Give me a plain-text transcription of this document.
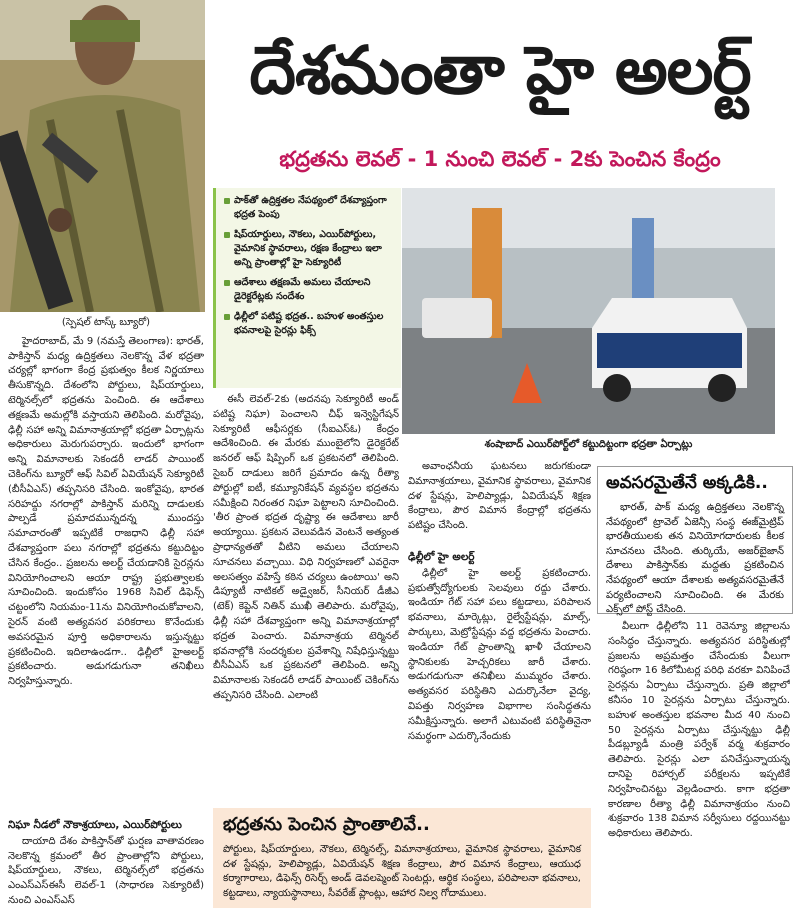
దేశమంతా హై అలర్ట్
భద్రతను లెవల్ - 1 నుంచి లెవల్ - 2కు పెంచిన కేంద్రం
పాక్‌తో ఉద్రిక్తతల నేపథ్యంలో దేశవ్యాప్తంగా భద్రత పెంపు
షిప్‌యార్డులు, నౌకలు, ఎయిర్‌పోర్టులు, వైమానిక స్థావరాలు, రక్షణ కేంద్రాలు ఇలా అన్ని ప్రాంతాల్లో హై సెక్యూరిటీ
ఆదేశాలు తక్షణమే అమలు చేయాలని డైరెక్టరేట్లకు సందేశం
ఢిల్లీలో పటిష్ట భద్రత.. బహుళ అంతస్తుల భవనాలపై సైరన్లు ఫిక్స్
శంషాబాద్ ఎయిర్‌పోర్ట్‌లో కట్టుదిట్టంగా భద్రతా ఏర్పాట్లు
(స్పెషల్ టాస్క్ బ్యూరో)

హైదరాబాద్, మే 9 (నమస్తే తెలంగాణ): భారత్, పాకిస్తాన్ మధ్య ఉద్రిక్తతలు నెలకొన్న వేళ భద్రతా చర్యల్లో భాగంగా కేంద్ర ప్రభుత్వం కీలక నిర్ణయాలు తీసుకొన్నది. దేశంలోని పోర్టులు, షిప్‌యార్డులు, టెర్మినల్స్‌లో భద్రతను పెంచింది. ఈ ఆదేశాలు తక్షణమే అమల్లోకి వస్తాయని తెలిపింది. మరోవైపు, ఢిల్లీ సహా అన్ని విమానాశ్రయాల్లో భద్రతా ఏర్పాట్లను అధికారులు మెరుగుపర్చారు. ఇందులో భాగంగా అన్ని విమానాలకు సెకండరీ లాడర్ పాయింట్ చెకింగ్‌ను బ్యూరో ఆఫ్ సివిల్ ఏవియేషన్ సెక్యూరిటీ (బీసీఏఎస్) తప్పనిసరి చేసింది. ఇంకోవైపు, భారత సరిహద్దు నగరాల్లో పాకిస్తాన్ మరిన్ని దాడులకు పాల్పడే ప్రమాదమున్నదన్న ముందస్తు సమాచారంతో ఇప్పటికే రాజధాని ఢిల్లీ సహా దేశవ్యాప్తంగా పలు నగరాల్లో భద్రతను కట్టుదిట్టం చేసిన కేంద్రం.. ప్రజలను అలర్ట్ చేయడానికి సైరన్లను వినియోగించాలని ఆయా రాష్ట్ర ప్రభుత్వాలకు సూచించింది. ఇందుకోసం 1968 సివిల్ డిఫెన్స్ చట్టంలోని నియమం-11ను వినియోగించుకోవాలని, సైరన్ వంటి అత్యవసర పరికరాలు కొనేందుకు అవసరమైన పూర్తి అధికారాలను ఇస్తున్నట్టు ప్రకటించింది. ఇదిలాఉండగా.. ఢిల్లీలో హైఅలర్ట్ ప్రకటించారు. అడుగడుగునా తనిఖీలు నిర్వహిస్తున్నారు.

నిఘా నీడలో నౌకాశ్రయాలు, ఎయిర్‌పోర్టులు

దాయాది దేశం పాకిస్తాన్‌తో ఘర్షణ వాతావరణం నెలకొన్న క్రమంలో తీర ప్రాంతాల్లోని పోర్టులు, షిప్‌యార్డులు, నౌకలు, టెర్మినల్స్‌లో భద్రతను ఎంఎస్ఎస్ఈసీ లెవల్-1 (సాధారణ సెక్యూరిటీ) నుంచి ఎంఎస్ఎస్

ఈసీ లెవల్-2కు (అదనపు సెక్యూరిటీ అండ్ పటిష్ట నిఘా) పెంచాలని చీఫ్ ఇన్వెస్టిగేషన్ సెక్యూరిటీ ఆఫీసర్లకు (సీఐఎస్ఓ) కేంద్రం ఆదేశించింది. ఈ మేరకు ముంబైలోని డైరెక్టరేట్ జనరల్ ఆఫ్ షిప్పింగ్ ఒక ప్రకటనలో తెలిపింది. సైబర్ దాడులు జరిగే ప్రమాదం ఉన్న రీత్యా పోర్టుల్లో ఐటీ, కమ్యూనికేషన్ వ్యవస్థల భద్రతను సమీక్షించి నిరంతర నిఘా పెట్టాలని సూచించింది. 'తీర ప్రాంత భద్రత దృష్ట్యా ఈ ఆదేశాలు జారీ అయ్యాయి. ప్రకటన వెలువడిన వెంటనే అత్యంత ప్రాధాన్యతతో వీటిని అమలు చేయాలని సూచనలు వచ్చాయి. విధి నిర్వహణలో ఎవరైనా అలసత్వం వహిస్తే కఠిన చర్యలు ఉంటాయి' అని డిప్యూటీ నాటికల్ అడ్వైజర్, సీనియర్ డీజీఎ (టెక్) కెప్టెన్ నితిన్ ముఖీ తెలిపారు. మరోవైపు, ఢిల్లీ సహా దేశవ్యాప్తంగా అన్ని విమానాశ్రయాల్లో భద్రత పెంచారు. విమానాశ్రయ టెర్మినల్ భవనాల్లోకి సందర్శకుల ప్రవేశాన్ని నిషేధిస్తున్నట్టు బీసీఏఎస్ ఒక ప్రకటనలో తెలిపింది. అన్ని విమానాలకు సెకండరీ లాడర్ పాయింట్ చెకింగ్‌ను తప్పనిసరి చేసింది. ఎలాంటి

అవాంఛనీయ ఘటనలు జరుగకుండా విమానాశ్రయాలు, వైమానిక స్థావరాలు, వైమానిక దళ స్టేషన్లు, హెలిప్యాడ్లు, ఏవియేషన్ శిక్షణ కేంద్రాలు, పౌర విమాన కేంద్రాల్లో భద్రతను పటిష్టం చేసింది.

ఢిల్లీలో హై అలర్ట్

ఢిల్లీలో హై అలర్ట్ ప్రకటించారు. ప్రభుత్వోద్యోగులకు సెలవులు రద్దు చేశారు. ఇండియా గేట్ సహా పలు కట్టడాలు, పరిపాలన భవనాలు, మార్కెట్లు, రైల్వేస్టేషన్లు, మాల్స్, పార్కులు, మెట్రోస్టేషన్లు వద్ద భద్రతను పెంచారు. ఇండియా గేట్ ప్రాంతాన్ని ఖాళీ చేయాలని స్థానికులకు హెచ్చరికలు జారీ చేశారు. అడుగడుగునా తనిఖీలు ముమ్మరం చేశారు. అత్యవసర పరిస్థితిని ఎదుర్కొనేలా వైద్య, విపత్తు నిర్వహణ విభాగాల సంసిద్ధతను సమీక్షిస్తున్నారు. అలాగే ఎటువంటి పరిస్థితినైనా సమర్థంగా ఎదుర్కొనేందుకు

అవసరమైతేనే అక్కడికి..

భారత్, పాక్ మధ్య ఉద్రిక్తతలు నెలకొన్న నేపథ్యంలో ట్రావెల్ ఏజెన్సీ సంస్థ ఈజ్‌మైట్రిప్ భారతీయులకు తన వినియోగదారులకు కీలక సూచనలు చేసింది. తుర్కియే, అజర్‌బైజాన్ దేశాలు పాకిస్తాన్‌కు మద్దతు ప్రకటించిన నేపథ్యంలో ఆయా దేశాలకు అత్యవసరమైతేనే పర్యటించాలని సూచించింది. ఈ మేరకు ఎక్స్‌లో పోస్ట్ చేసింది.

వీలుగా ఢిల్లీలోని 11 రెవెన్యూ జిల్లాలను సంసిద్ధం చేస్తున్నారు. అత్యవసర పరిస్థితుల్లో ప్రజలను అప్రమత్తం చేసేందుకు వీలుగా గరిష్ఠంగా 16 కిలోమీటర్ల పరిధి వరకూ వినిపించే సైరన్లను ఏర్పాటు చేస్తున్నారు. ప్రతి జిల్లాలో కనీసం 10 సైరన్లను ఏర్పాటు చేస్తున్నారు. బహుళ అంతస్తుల భవనాల మీద 40 నుంచి 50 సైరన్లను ఏర్పాటు చేస్తున్నట్టు ఢిల్లీ పీడబ్ల్యూడీ మంత్రి పర్వేశ్ వర్మ శుక్రవారం తెలిపారు. సైరన్లు ఎలా పనిచేస్తున్నాయన్న దానిపై రిహార్సల్ పరీక్షలను ఇప్పటికే నిర్వహించినట్టు వెల్లడించారు. కాగా భద్రతా కారణాల రీత్యా ఢిల్లీ విమానాశ్రయం నుంచి శుక్రవారం 138 విమాన సర్వీసులు రద్దయినట్టు అధికారులు తెలిపారు.

భద్రతను పెంచిన ప్రాంతాలివే..

పోర్టులు, షిప్‌యార్డులు, నౌకలు, టెర్మినల్స్, విమానాశ్రయాలు, వైమానిక స్థావరాలు, వైమానిక దళ స్టేషన్లు, హెలిప్యాడ్లు, ఏవియేషన్ శిక్షణ కేంద్రాలు, పౌర విమాన కేంద్రాలు, ఆయుధ కర్మాగారాలు, డిఫెన్స్ రిసెర్చ్ అండ్ డెవలప్మెంట్ సెంటర్లు, ఆర్థిక సంస్థలు, పరిపాలనా భవనాలు, కట్టడాలు, న్యాయస్థానాలు, సీవరేజ్ ప్లాంట్లు, ఆహార నిల్వ గోదాములు.
